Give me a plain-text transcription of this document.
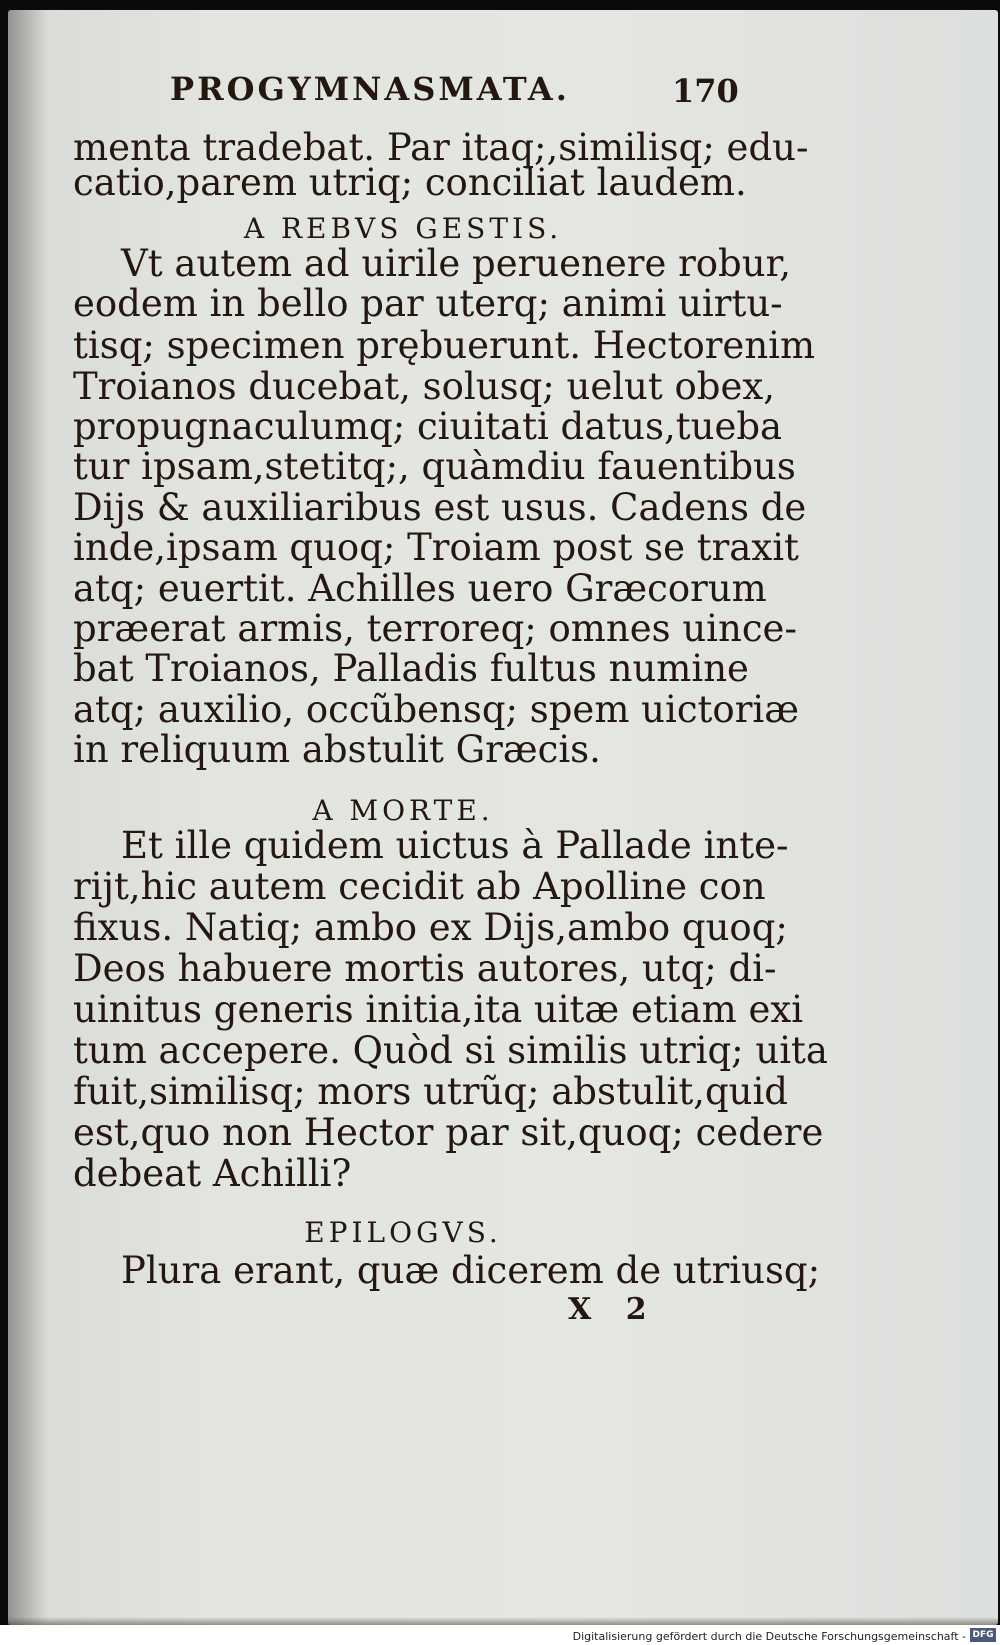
PROGYMNASMATA.	170
menta tradebat. Par itaq;,similisq; edu-
catio,parem utriq; conciliat laudem.
A REBVS GESTIS.
Vt autem ad uirile peruenere robur,
eodem in bello par uterq; animi uirtu-
tisq; specimen prębuerunt. Hectorenim
Troianos ducebat, solusq; uelut obex,
propugnaculumq; ciuitati datus,tueba
tur ipsam,stetitq;, quàmdiu fauentibus
Dijs & auxiliaribus est usus. Cadens de
inde,ipsam quoq; Troiam post se traxit
atq; euertit. Achilles uero Græcorum
præerat armis, terroreq; omnes uince-
bat Troianos, Palladis fultus numine
atq; auxilio, occũbensq; spem uictoriæ
in reliquum abstulit Græcis.
A MORTE.
Et ille quidem uictus à Pallade inte-
rijt,hic autem cecidit ab Apolline con
fixus. Natiq; ambo ex Dijs,ambo quoq;
Deos habuere mortis autores, utq; di-
uinitus generis initia,ita uitæ etiam exi
tum accepere. Quòd si similis utriq; uita
fuit,similisq; mors utrũq; abstulit,quid
est,quo non Hector par sit,quoq; cedere
debeat Achilli?
EPILOGVS.
Plura erant, quæ dicerem de utriusq;
X 2
Digitalisierung gefördert durch die Deutsche Forschungsgemeinschaft - DFG
